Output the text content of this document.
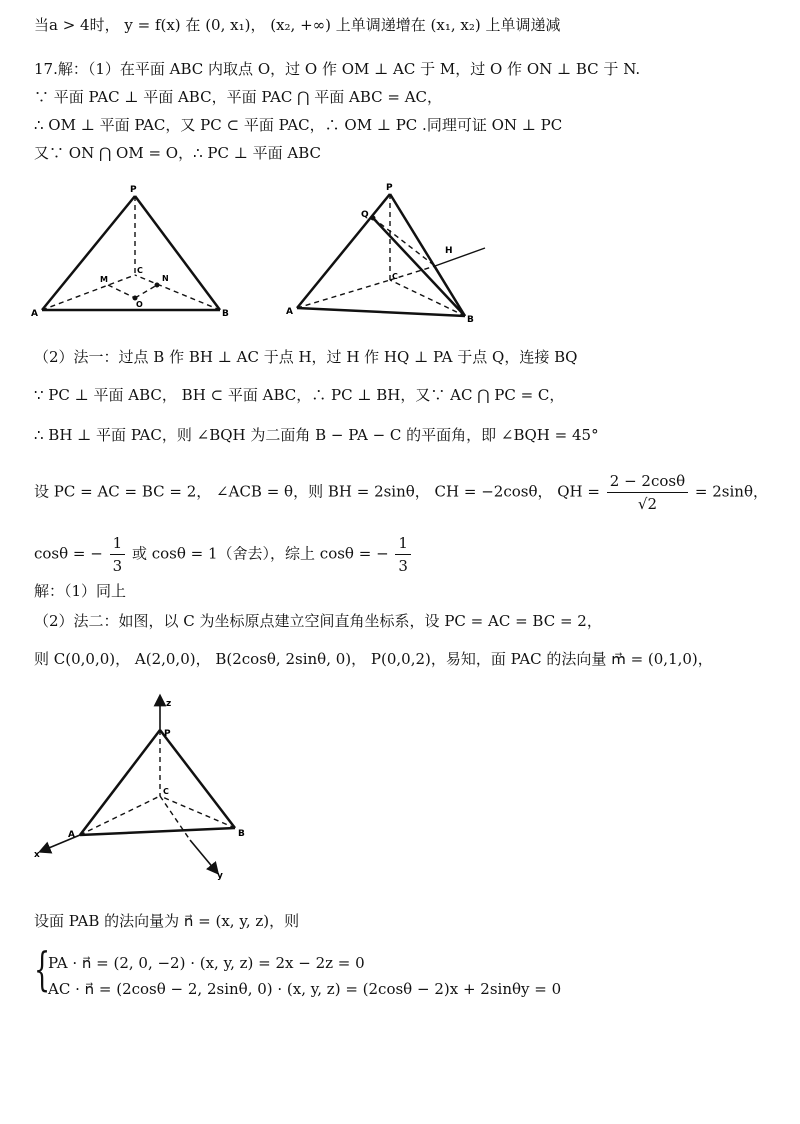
当a > 4时， y = f(x) 在 (0, x₁)， (x₂, +∞) 上单调递增在 (x₁, x₂) 上单调递减
17.解：（1）在平面 ABC 内取点 O，过 O 作 OM ⊥ AC 于 M，过 O 作 ON ⊥ BC 于 N.
∵ 平面 PAC ⊥ 平面 ABC，平面 PAC ⋂ 平面 ABC = AC，
∴ OM ⊥ 平面 PAC，又 PC ⊂ 平面 PAC，∴ OM ⊥ PC .同理可证 ON ⊥ PC
又∵ ON ⋂ OM = O，∴ PC ⊥ 平面 ABC
P
A	B
C
M	N
O
P
A
B
C
Q
H
（2）法一：过点 B 作 BH ⊥ AC 于点 H，过 H 作 HQ ⊥ PA 于点 Q，连接 BQ
∵ PC ⊥ 平面 ABC， BH ⊂ 平面 ABC，∴ PC ⊥ BH，又∵ AC ⋂ PC = C，
∴ BH ⊥ 平面 PAC，则 ∠BQH 为二面角 B − PA − C 的平面角，即 ∠BQH = 45°
设 PC = AC = BC = 2， ∠ACB = θ，则 BH = 2sinθ， CH = −2cosθ， QH = $\frac{2 - 2\cos\theta}{√2} = 2\sin\theta$，
cosθ = − $\frac{1}{3}$ 或 cosθ = 1（舍去），综上 cosθ = − $\frac{1}{3}$
解：（1）同上
（2）法二：如图，以 C 为坐标原点建立空间直角坐标系，设 PC = AC = BC = 2，
则 C(0,0,0)， A(2,0,0)， B(2cosθ, 2sinθ, 0)， P(0,0,2)，易知，面 PAC 的法向量 m⃗ = (0,1,0)，
z
P
C
A	B
x
y
设面 PAB 的法向量为 n⃗ = (x, y, z)，则
{
PA · n⃗ = (2, 0, −2) · (x, y, z) = 2x − 2z = 0
AC · n⃗ = (2cosθ − 2, 2sinθ, 0) · (x, y, z) = (2cosθ − 2)x + 2sinθy = 0
